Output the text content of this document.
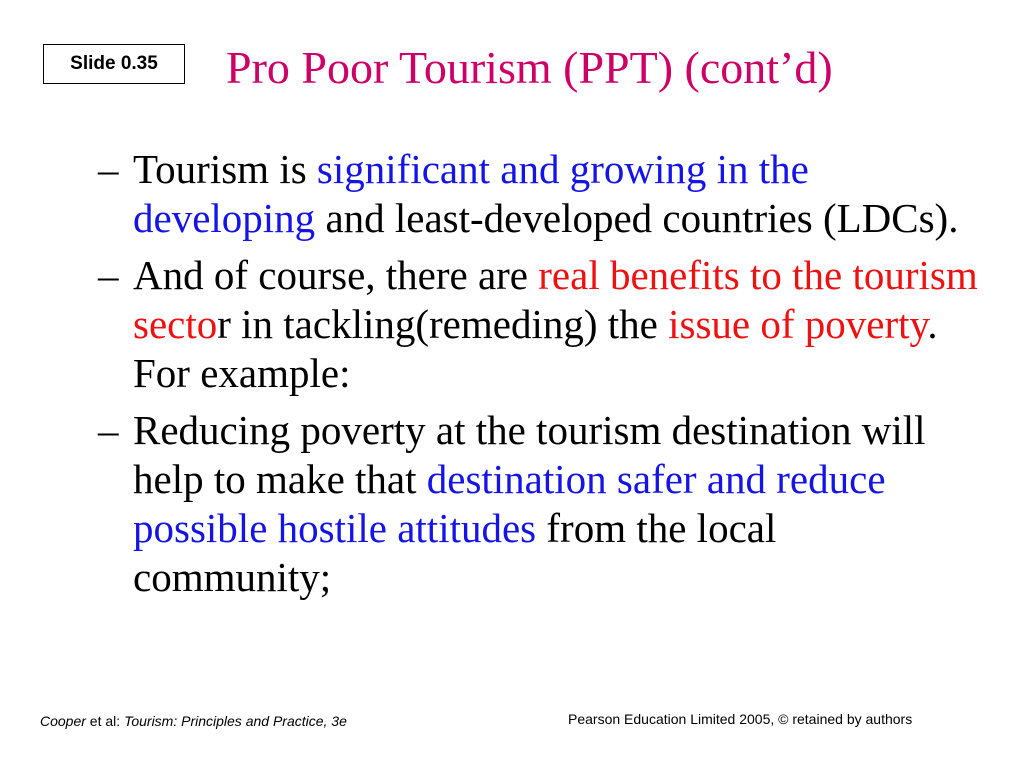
Slide 0.35	Pro Poor Tourism (PPT) (cont’d)
– Tourism is significant and growing in the developing and least-developed countries (LDCs).
– And of course, there are real benefits to the tourism sector in tackling(remeding) the issue of poverty. For example:
– Reducing poverty at the tourism destination will help to make that destination safer and reduce possible hostile attitudes from the local community;
Cooper et al: Tourism: Principles and Practice, 3e	Pearson Education Limited 2005, © retained by authors
